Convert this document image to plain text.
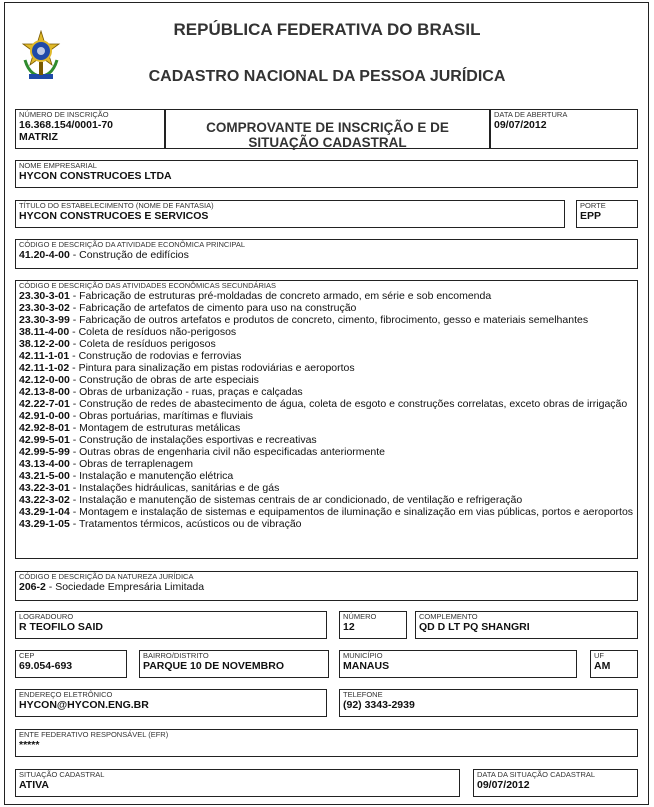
REPÚBLICA FEDERATIVA DO BRASIL
CADASTRO NACIONAL DA PESSOA JURÍDICA
NÚMERO DE INSCRIÇÃO
16.368.154/0001-70
MATRIZ
COMPROVANTE DE INSCRIÇÃO E DE SITUAÇÃO CADASTRAL
DATA DE ABERTURA
09/07/2012
NOME EMPRESARIAL
HYCON CONSTRUCOES LTDA
TÍTULO DO ESTABELECIMENTO (NOME DE FANTASIA)
HYCON CONSTRUCOES E SERVICOS
PORTE
EPP
CÓDIGO E DESCRIÇÃO DA ATIVIDADE ECONÔMICA PRINCIPAL
41.20-4-00 - Construção de edifícios
CÓDIGO E DESCRIÇÃO DAS ATIVIDADES ECONÔMICAS SECUNDÁRIAS
23.30-3-01 - Fabricação de estruturas pré-moldadas de concreto armado, em série e sob encomenda
23.30-3-02 - Fabricação de artefatos de cimento para uso na construção
23.30-3-99 - Fabricação de outros artefatos e produtos de concreto, cimento, fibrocimento, gesso e materiais semelhantes
38.11-4-00 - Coleta de resíduos não-perigosos
38.12-2-00 - Coleta de resíduos perigosos
42.11-1-01 - Construção de rodovias e ferrovias
42.11-1-02 - Pintura para sinalização em pistas rodoviárias e aeroportos
42.12-0-00 - Construção de obras de arte especiais
42.13-8-00 - Obras de urbanização - ruas, praças e calçadas
42.22-7-01 - Construção de redes de abastecimento de água, coleta de esgoto e construções correlatas, exceto obras de irrigação
42.91-0-00 - Obras portuárias, marítimas e fluviais
42.92-8-01 - Montagem de estruturas metálicas
42.99-5-01 - Construção de instalações esportivas e recreativas
42.99-5-99 - Outras obras de engenharia civil não especificadas anteriormente
43.13-4-00 - Obras de terraplenagem
43.21-5-00 - Instalação e manutenção elétrica
43.22-3-01 - Instalações hidráulicas, sanitárias e de gás
43.22-3-02 - Instalação e manutenção de sistemas centrais de ar condicionado, de ventilação e refrigeração
43.29-1-04 - Montagem e instalação de sistemas e equipamentos de iluminação e sinalização em vias públicas, portos e aeroportos
43.29-1-05 - Tratamentos térmicos, acústicos ou de vibração
CÓDIGO E DESCRIÇÃO DA NATUREZA JURÍDICA
206-2 - Sociedade Empresária Limitada
LOGRADOURO
R TEOFILO SAID
NÚMERO
12
COMPLEMENTO
QD D LT PQ SHANGRI
CEP
69.054-693
BAIRRO/DISTRITO
PARQUE 10 DE NOVEMBRO
MUNICÍPIO
MANAUS
UF
AM
ENDEREÇO ELETRÔNICO
HYCON@HYCON.ENG.BR
TELEFONE
(92) 3343-2939
ENTE FEDERATIVO RESPONSÁVEL (EFR)
*****
SITUAÇÃO CADASTRAL
ATIVA
DATA DA SITUAÇÃO CADASTRAL
09/07/2012
